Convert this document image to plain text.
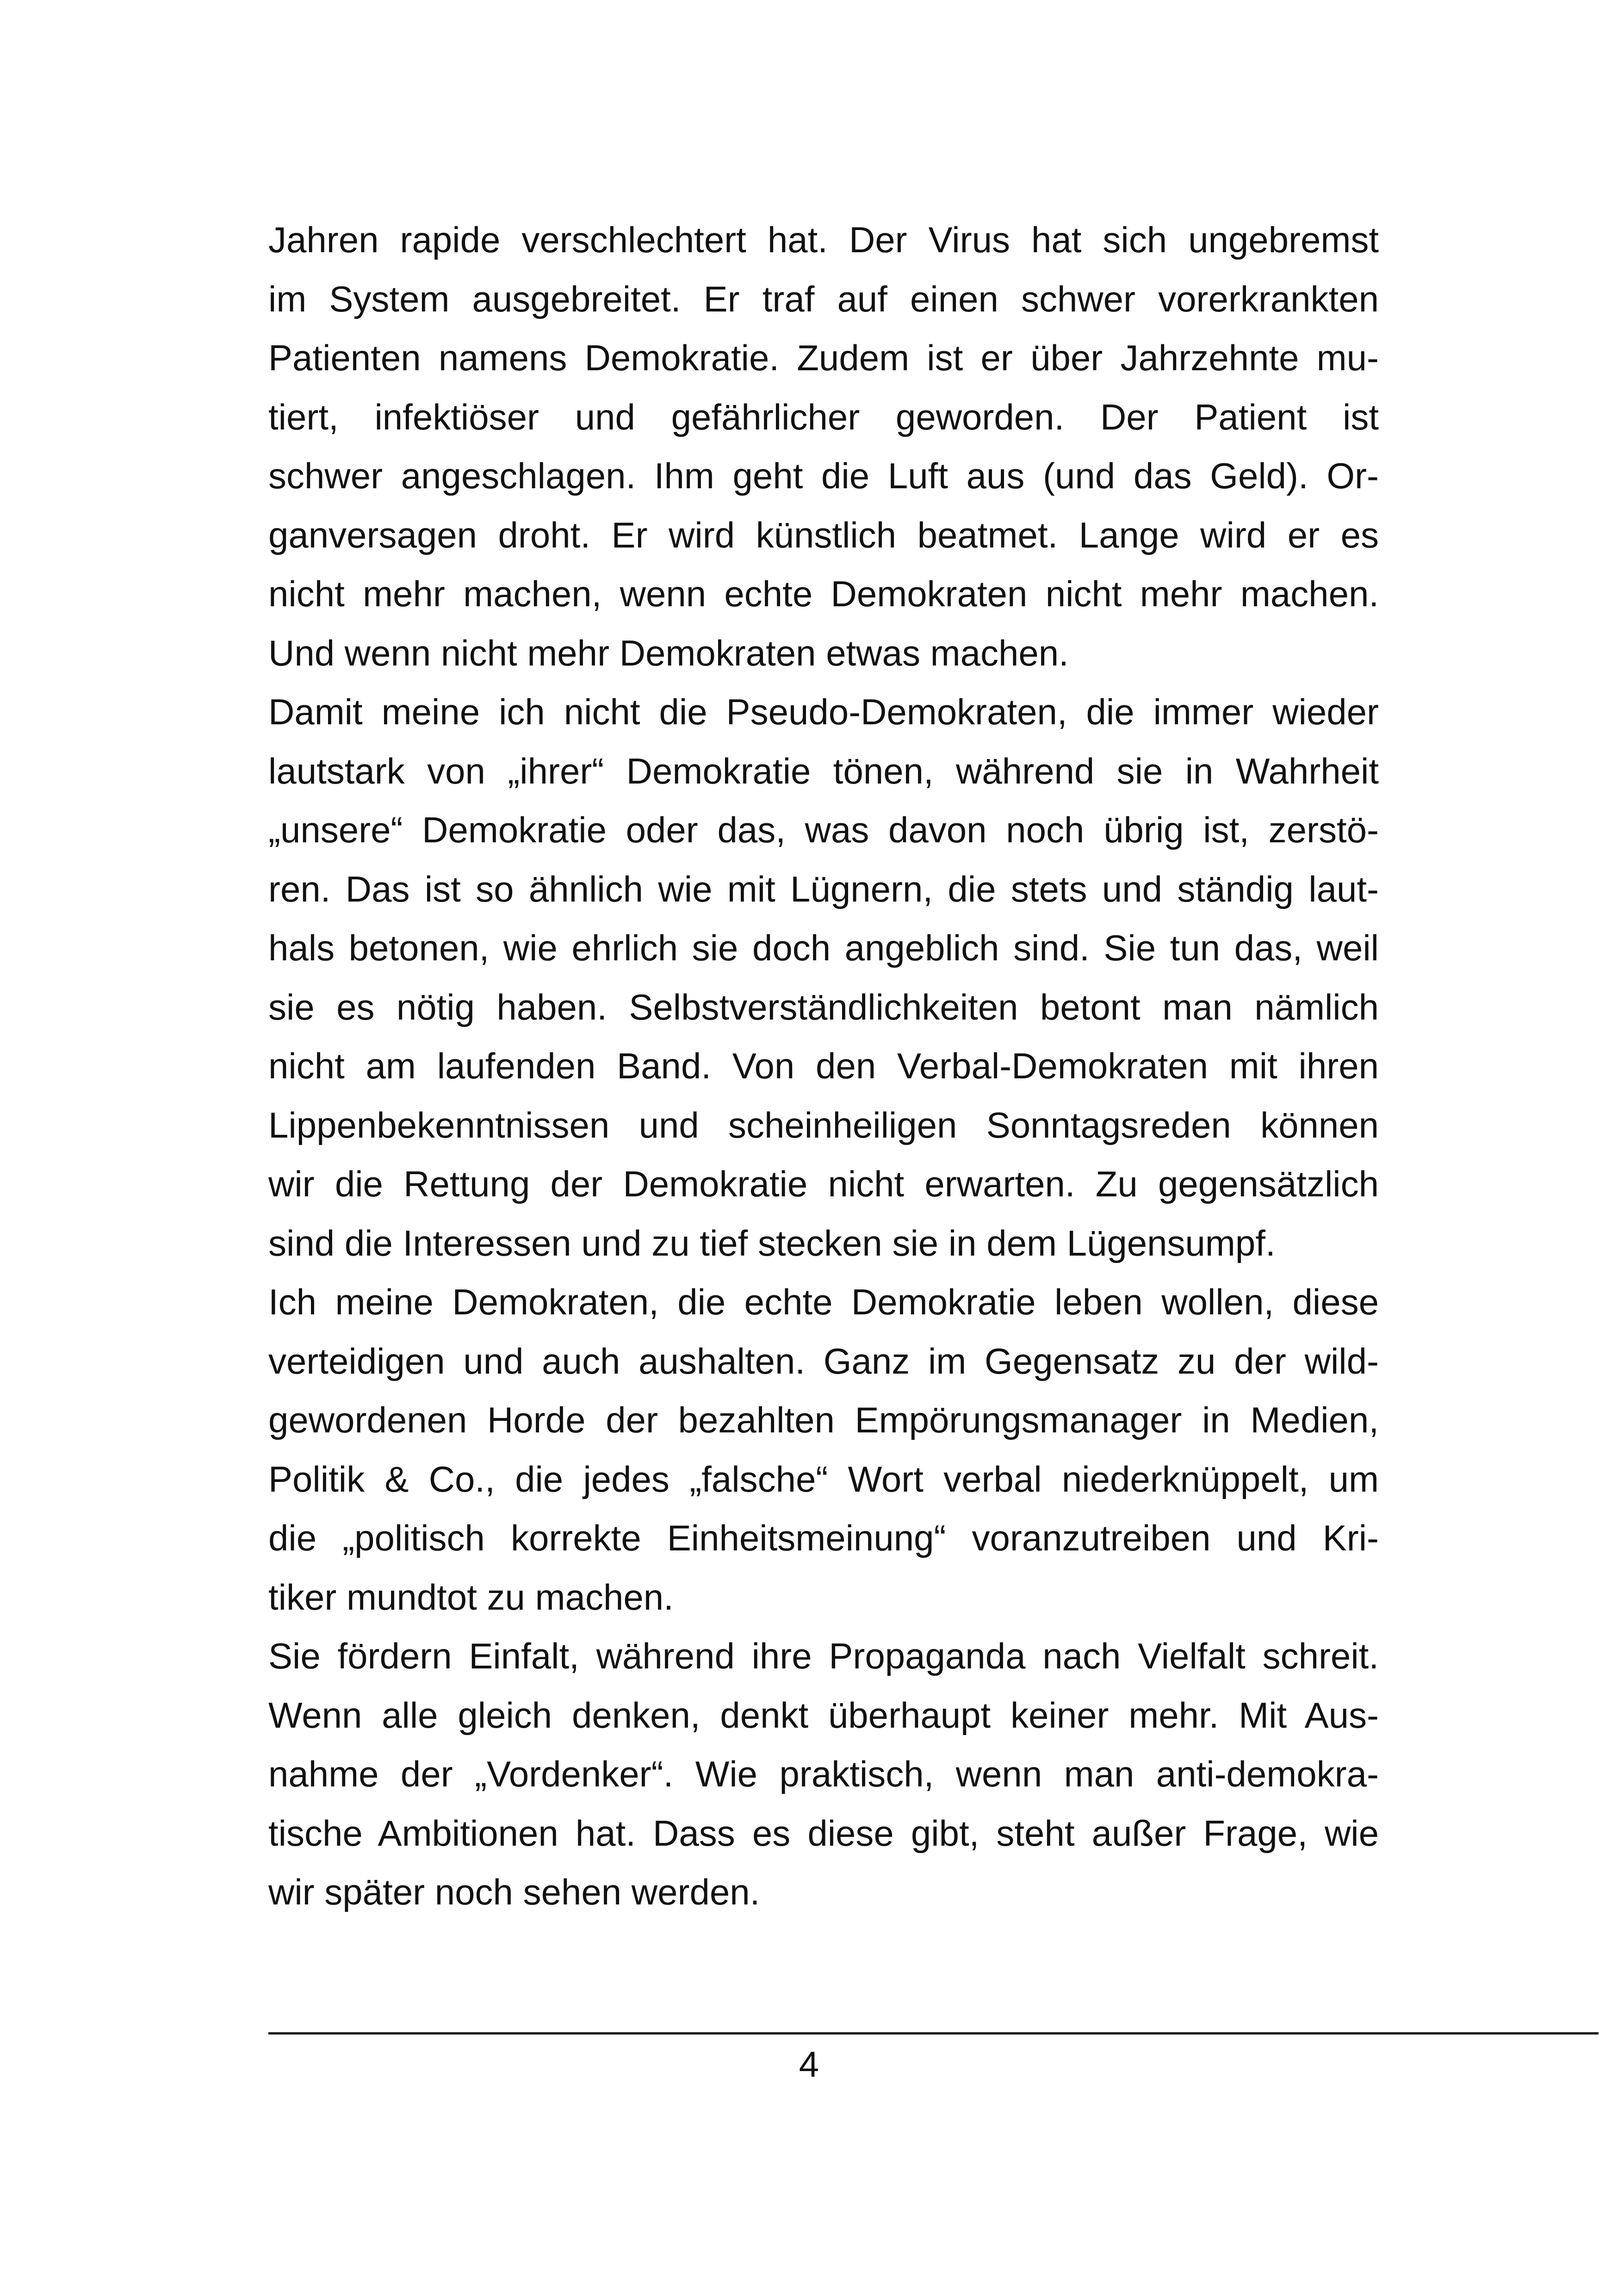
Jahren rapide verschlechtert hat. Der Virus hat sich ungebremst
im System ausgebreitet. Er traf auf einen schwer vorerkrankten
Patienten namens Demokratie. Zudem ist er über Jahrzehnte mu-
tiert, infektiöser und gefährlicher geworden. Der Patient ist
schwer angeschlagen. Ihm geht die Luft aus (und das Geld). Or-
ganversagen droht. Er wird künstlich beatmet. Lange wird er es
nicht mehr machen, wenn echte Demokraten nicht mehr machen.
Und wenn nicht mehr Demokraten etwas machen.
Damit meine ich nicht die Pseudo-Demokraten, die immer wieder
lautstark von „ihrer“ Demokratie tönen, während sie in Wahrheit
„unsere“ Demokratie oder das, was davon noch übrig ist, zerstö-
ren. Das ist so ähnlich wie mit Lügnern, die stets und ständig laut-
hals betonen, wie ehrlich sie doch angeblich sind. Sie tun das, weil
sie es nötig haben. Selbstverständlichkeiten betont man nämlich
nicht am laufenden Band. Von den Verbal-Demokraten mit ihren
Lippenbekenntnissen und scheinheiligen Sonntagsreden können
wir die Rettung der Demokratie nicht erwarten. Zu gegensätzlich
sind die Interessen und zu tief stecken sie in dem Lügensumpf.
Ich meine Demokraten, die echte Demokratie leben wollen, diese
verteidigen und auch aushalten. Ganz im Gegensatz zu der wild-
gewordenen Horde der bezahlten Empörungsmanager in Medien,
Politik & Co., die jedes „falsche“ Wort verbal niederknüppelt, um
die „politisch korrekte Einheitsmeinung“ voranzutreiben und Kri-
tiker mundtot zu machen.
Sie fördern Einfalt, während ihre Propaganda nach Vielfalt schreit.
Wenn alle gleich denken, denkt überhaupt keiner mehr. Mit Aus-
nahme der „Vordenker“. Wie praktisch, wenn man anti-demokra-
tische Ambitionen hat. Dass es diese gibt, steht außer Frage, wie
wir später noch sehen werden.
4
